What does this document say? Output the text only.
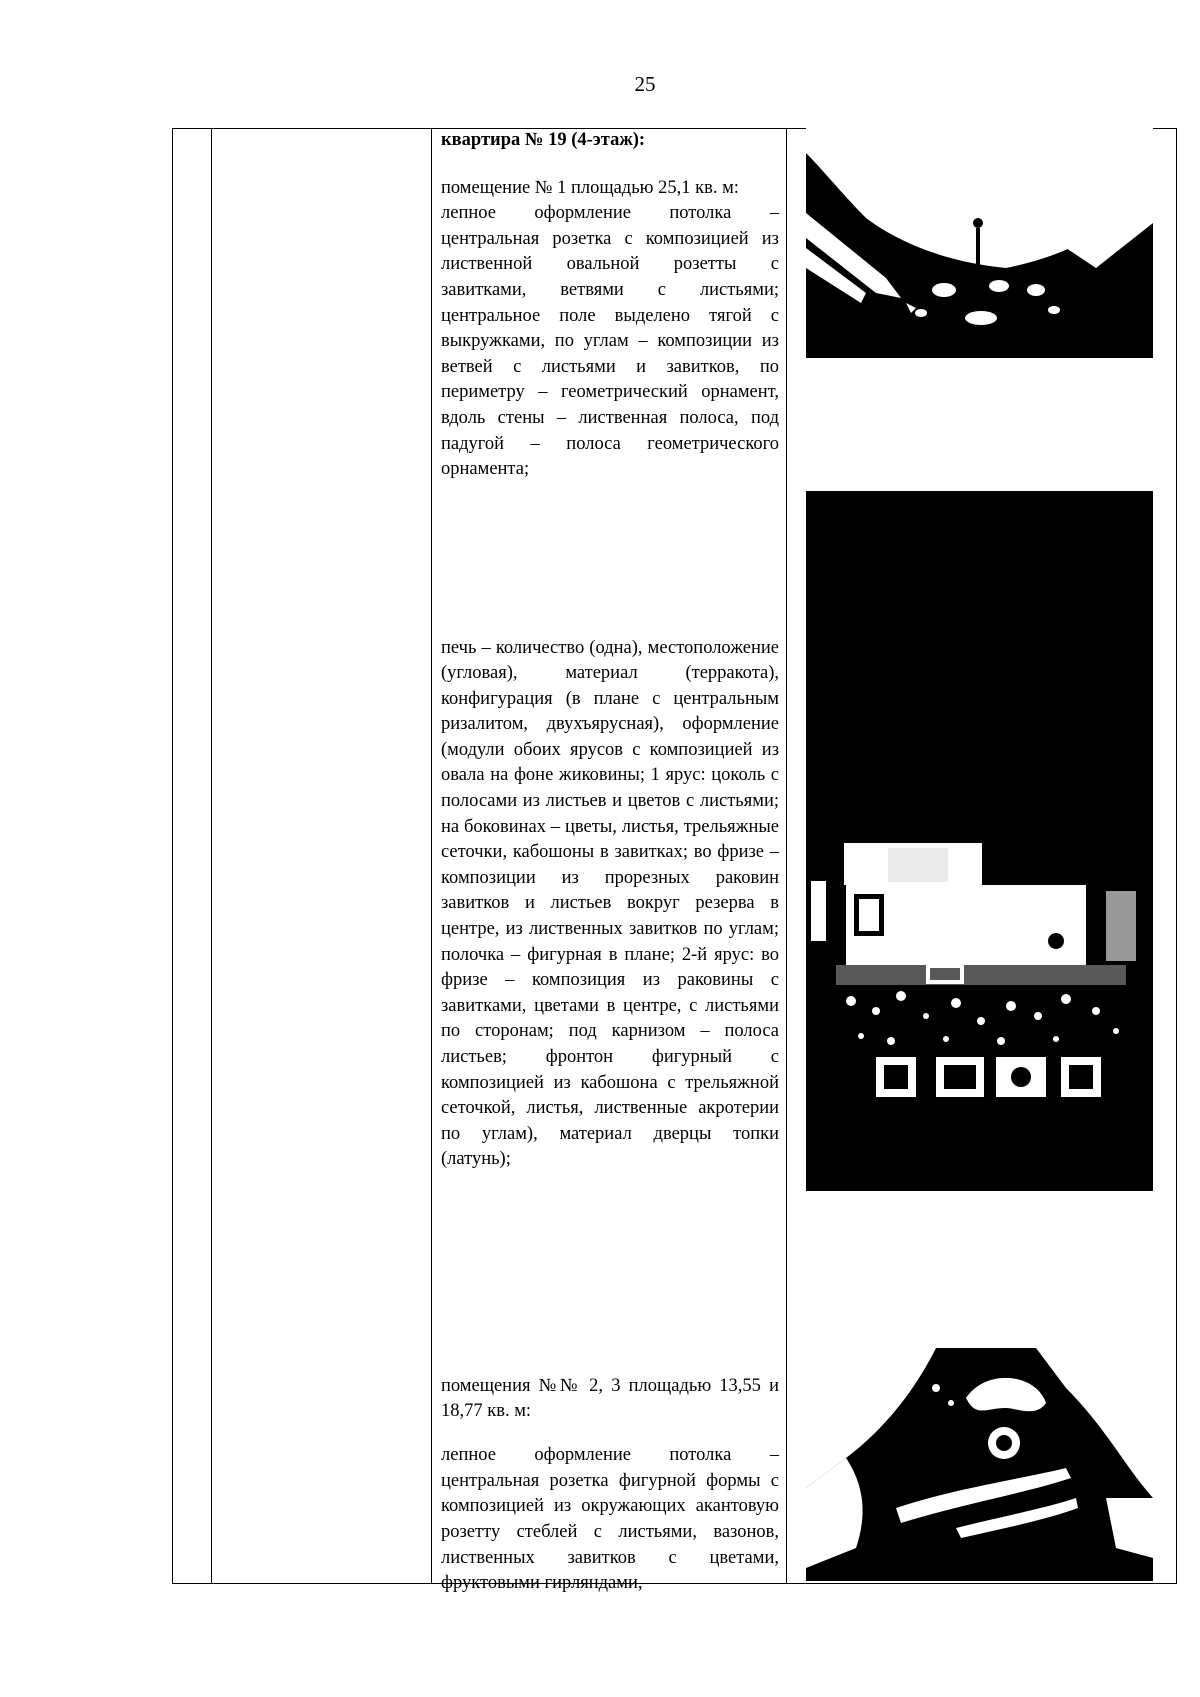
25

квартира № 19 (4-этаж):

помещение № 1 площадью 25,1 кв. м:

лепное оформление потолка – центральная розетка с композицией из лиственной овальной розетты с завитками, ветвями с листьями; центральное поле выделено тягой с выкружками, по углам – композиции из ветвей с листьями и завитков, по периметру – геометрический орнамент, вдоль стены – лиственная полоса, под падугой – полоса геометрического орнамента;

печь – количество (одна), местоположение (угловая), материал (терракота), конфигурация (в плане с центральным ризалитом, двухъярусная), оформление (модули обоих ярусов с композицией из овала на фоне жиковины; 1 ярус: цоколь с полосами из листьев и цветов с листьями; на боковинах – цветы, листья, трельяжные сеточки, кабошоны в завитках; во фризе – композиции из прорезных раковин завитков и листьев вокруг резерва в центре, из лиственных завитков по углам; полочка – фигурная в плане; 2-й ярус: во фризе – композиция из раковины с завитками, цветами в центре, с листьями по сторонам; под карнизом – полоса листьев; фронтон фигурный с композицией из кабошона с трельяжной сеточкой, листья, лиственные акротерии по углам), материал дверцы топки (латунь);

помещения №№ 2, 3 площадью 13,55 и 18,77 кв. м:

лепное оформление потолка – центральная розетка фигурной формы с композицией из окружающих акантовую розетту стеблей с листьями, вазонов, лиственных завитков с цветами, фруктовыми гирляндами,
